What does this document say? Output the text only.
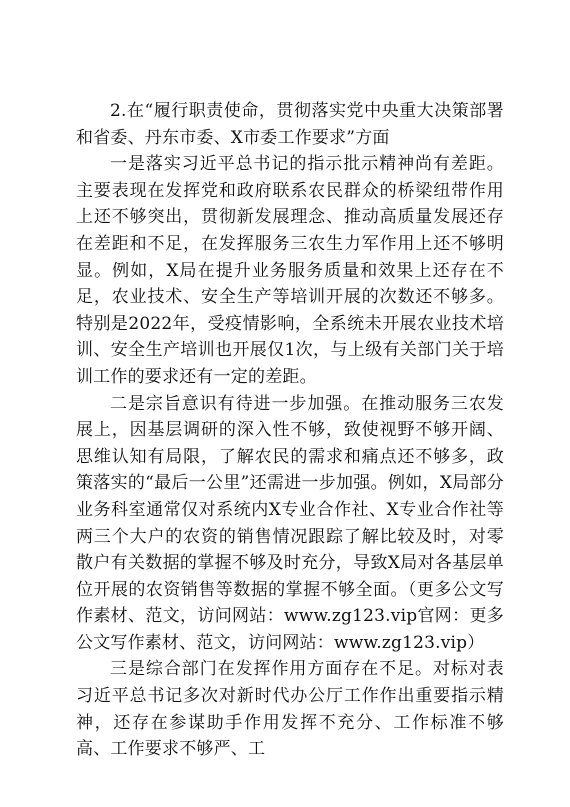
2.在“履行职责使命，贯彻落实党中央重大决策部署和省委、丹东市委、X市委工作要求”方面

一是落实习近平总书记的指示批示精神尚有差距。主要表现在发挥党和政府联系农民群众的桥梁纽带作用上还不够突出，贯彻新发展理念、推动高质量发展还存在差距和不足，在发挥服务三农生力军作用上还不够明显。例如，X局在提升业务服务质量和效果上还存在不足，农业技术、安全生产等培训开展的次数还不够多。特别是2022年，受疫情影响，全系统未开展农业技术培训、安全生产培训也开展仅1次，与上级有关部门关于培训工作的要求还有一定的差距。

二是宗旨意识有待进一步加强。在推动服务三农发展上，因基层调研的深入性不够，致使视野不够开阔、思维认知有局限，了解农民的需求和痛点还不够多，政策落实的“最后一公里”还需进一步加强。例如，X局部分业务科室通常仅对系统内X专业合作社、X专业合作社等两三个大户的农资的销售情况跟踪了解比较及时，对零散户有关数据的掌握不够及时充分，导致X局对各基层单位开展的农资销售等数据的掌握不够全面。（更多公文写作素材、范文，访问网站：www.zg123.vip官网：更多公文写作素材、范文，访问网站：www.zg123.vip）

三是综合部门在发挥作用方面存在不足。对标对表习近平总书记多次对新时代办公厅工作作出重要指示精神，还存在参谋助手作用发挥不充分、工作标准不够高、工作要求不够严、工
